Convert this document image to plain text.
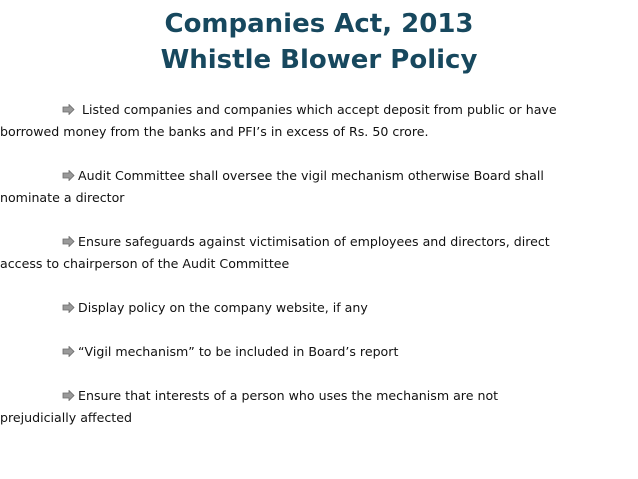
Companies Act, 2013
Whistle Blower Policy
Listed companies and companies which accept deposit from public or have
borrowed money from the banks and PFI’s in excess of Rs. 50 crore.
Audit Committee shall oversee the vigil mechanism otherwise Board shall
nominate a director
Ensure safeguards against victimisation of employees and directors, direct
access to chairperson of the Audit Committee
Display policy on the company website, if any
“Vigil mechanism” to be included in Board’s report
Ensure that interests of a person who uses the mechanism are not
prejudicially affected
